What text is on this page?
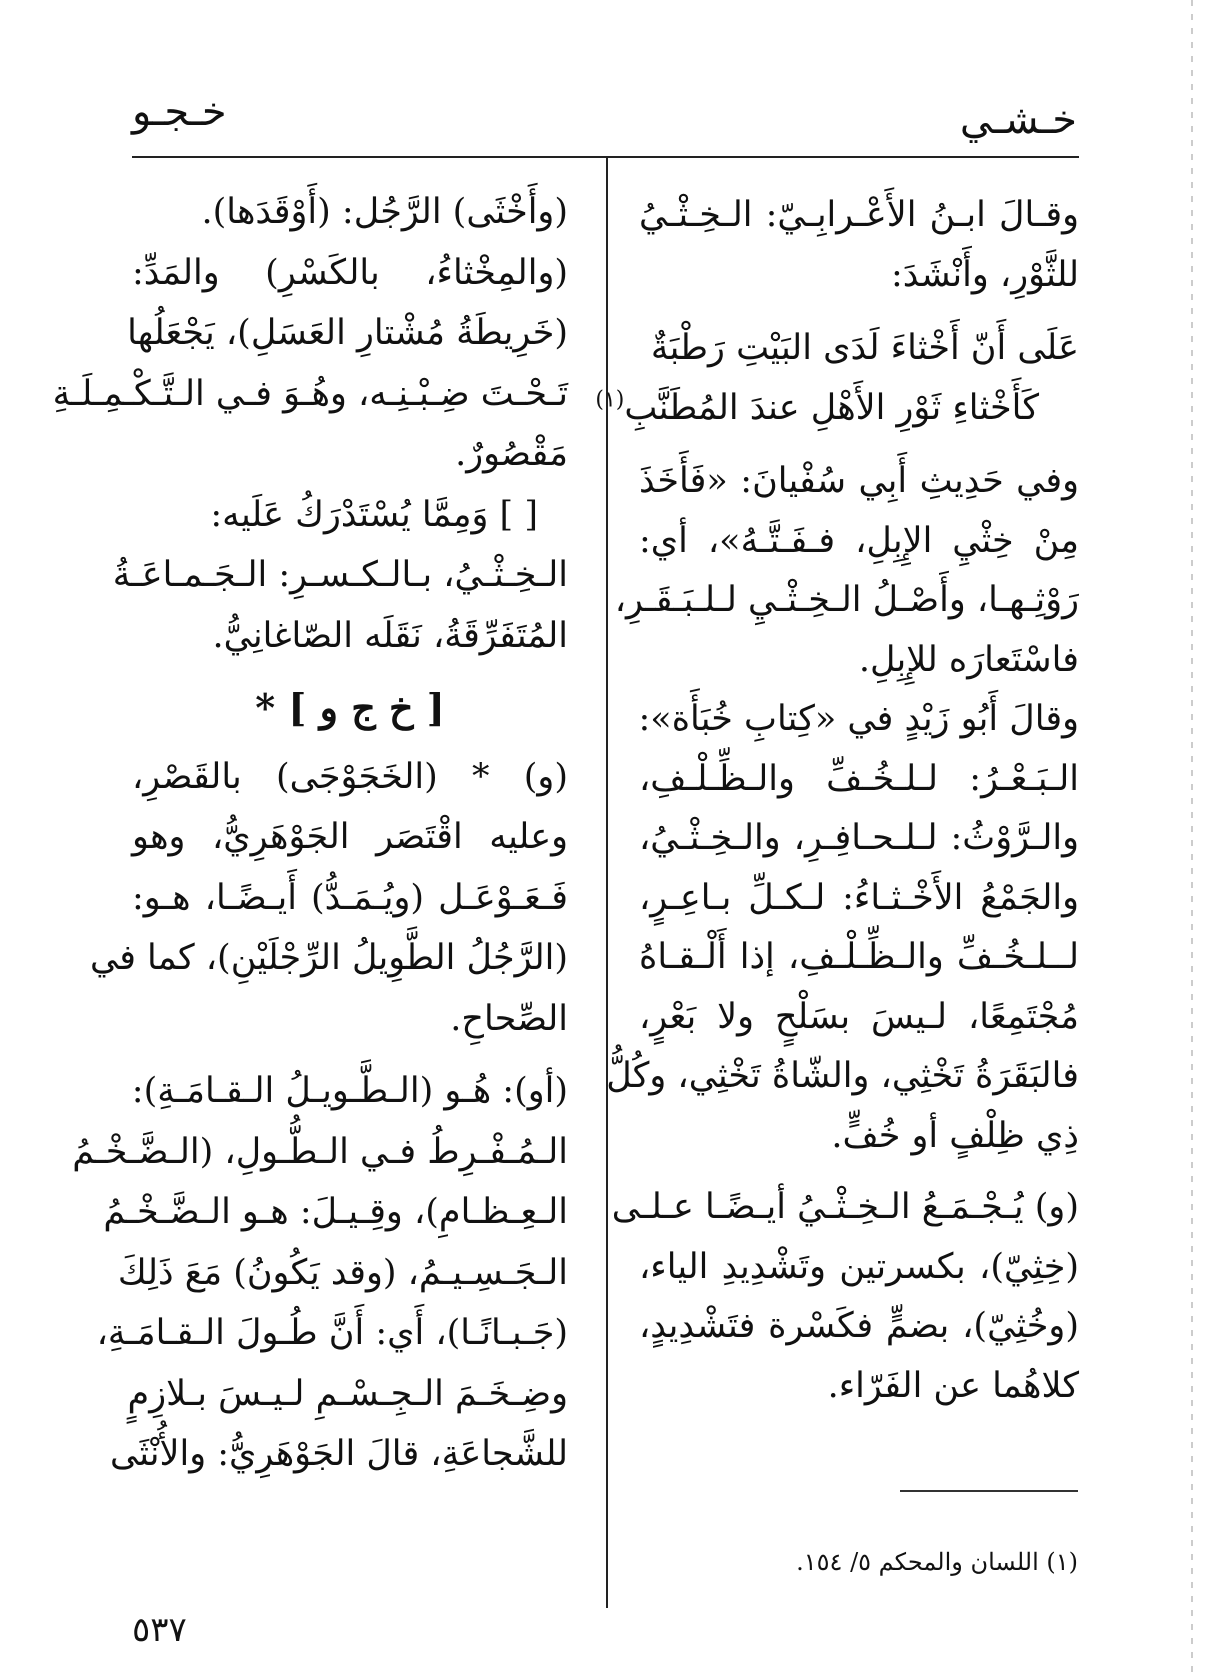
خـشـي
خـجـو
وقـالَ ابـنُ الأَعْـرابِـيّ: الـخِـثْـيُ
للثَّوْرِ، وأَنْشَدَ:
عَلَى أَنّ أَخْثاءَ لَدَى البَيْتِ رَطْبَةٌ
كَأَخْثاءِ ثَوْرِ الأَهْلِ عندَ المُطَنَّبِ$^{(١)}$
وفي حَدِيثِ أَبِي سُفْيانَ: «فَأَخَذَ
مِنْ خِثْيِ الإِبِلِ، فـفَـتَّـهُ»، أي:
رَوْثِـهـا، وأَصْـلُ الـخِـثْـيِ لـلـبَـقَـرِ،
فاسْتَعارَه للإِبِلِ.
وقالَ أَبُو زَيْدٍ في «كِتابِ خُبَأَة»:
الـبَـعْـرُ: لـلـخُـفِّ والـظِّـلْـفِ،
والـرَّوْثُ: لـلـحـافِـرِ، والـخِـثْـيُ،
والجَمْعُ الأَخْـثـاءُ: لـكـلِّ بـاعِـرٍ،
لــلـخُـفِّ والـظِّـلْـفِ، إذا أَلْـقـاهُ
مُجْتَمِعًا، لـيسَ بسَلْحٍ ولا بَعْرٍ،
فالبَقَرَةُ تَخْثِي، والشّاةُ تَخْثِي، وكُلُّ
ذِي ظِلْفٍ أو خُفٍّ.
(و) يُـجْـمَـعُ الـخِـثْـيُ أيـضًـا عـلـى
(خِثِيّ)، بكسرتين وتَشْدِيدِ الياء،
(وخُثِيّ)، بضمٍّ فكَسْرة فتَشْدِيدٍ،
كلاهُما عن الفَرّاء.
(١) اللسان والمحكم ٥/ ١٥٤.
(وأَخْثَى) الرَّجُل: (أَوْقَدَها).
(والمِخْثاءُ، بالكَسْرِ) والمَدِّ:
(خَرِيطَةُ مُشْتارِ العَسَلِ)، يَجْعَلُها
تَـحْـتَ ضِـبْـنِـه، وهُـوَ فـي الـتَّـكْـمِـلَـةِ
مَقْصُورٌ.
[ ] وَمِمَّا يُسْتَدْرَكُ عَلَيه:
الـخِـثْـيُ، بـالـكـسـرِ: الـجَـمـاعَـةُ
المُتَفَرِّقَةُ، نَقَلَه الصّاغانِيُّ.
[ خ ج و ] *
(و) * (الخَجَوْجَى) بالقَصْرِ،
وعليه اقْتَصَر الجَوْهَرِيُّ، وهو
فَـعَـوْعَـل (ويُـمَـدُّ) أَيـضًـا، هـو:
(الرَّجُلُ الطَّوِيلُ الرِّجْلَيْنِ)، كما في
الصِّحاحِ.
(أو): هُـو (الـطَّـويـلُ الـقـامَـةِ):
الـمُـفْـرِطُ فـي الـطُّـولِ، (الـضَّـخْـمُ
الـعِـظـامِ)، وقِـيـلَ: هـو الـضَّـخْـمُ
الـجَـسِـيـمُ، (وقد يَكُونُ) مَعَ ذَلِكَ
(جَـبـانًـا)، أَي: أَنَّ طُـولَ الـقـامَـةِ،
وضِـخَـمَ الـجِـسْـمِ لـيـسَ بـلازِمٍ
للشَّجاعَةِ، قالَ الجَوْهَرِيُّ: والأُنْثَى
٥٣٧
